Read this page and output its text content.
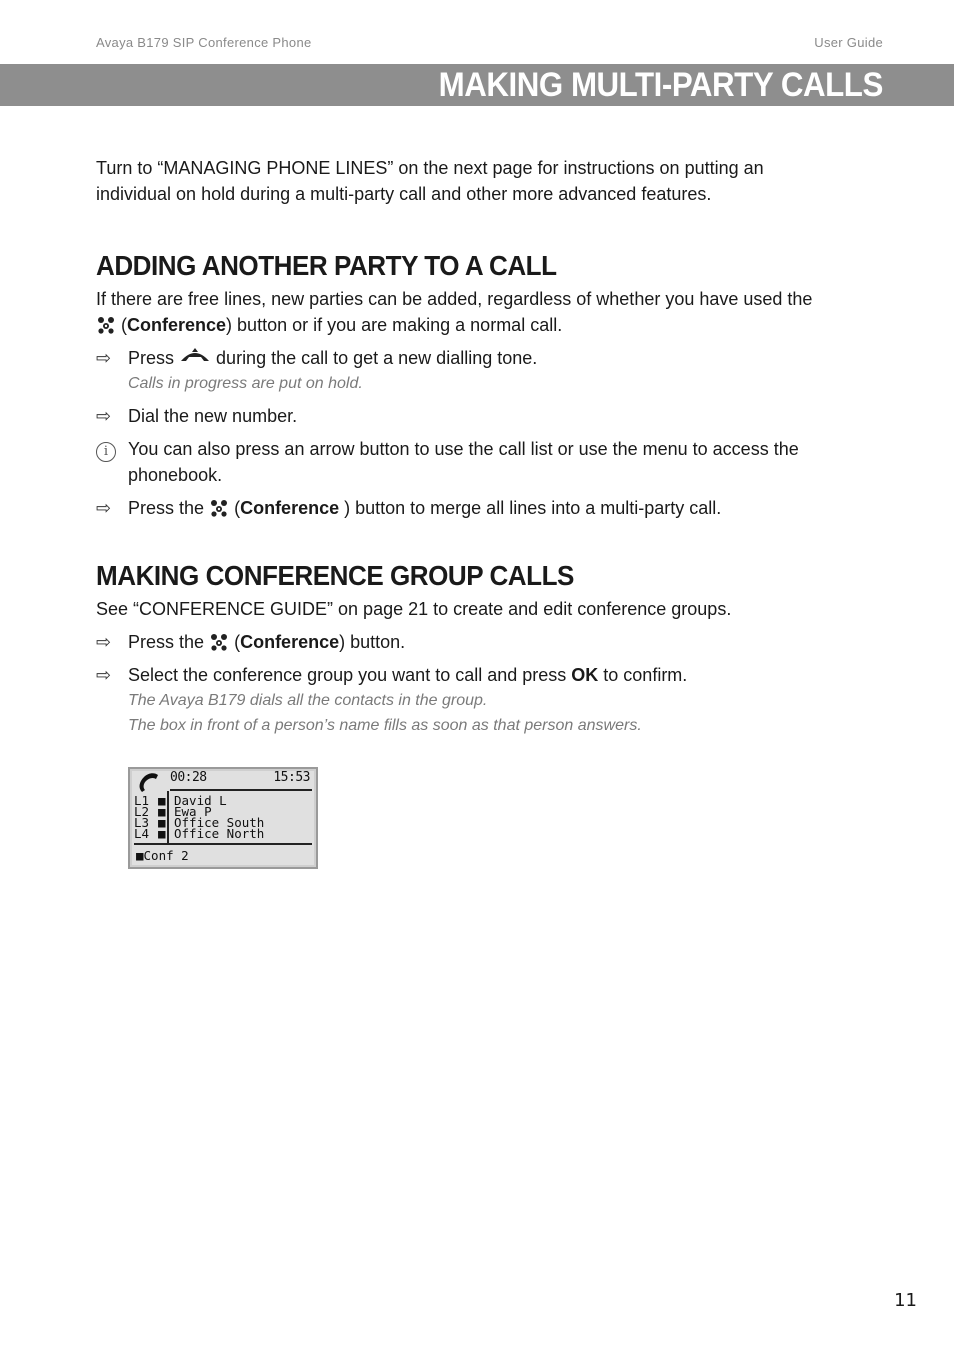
Avaya B179 SIP Conference Phone	User Guide
MAKING MULTI-PARTY CALLS

Turn to “MANAGING PHONE LINES” on the next page for instructions on putting an individual on hold during a multi-party call and other more advanced features.

ADDING ANOTHER PARTY TO A CALL

If there are free lines, new parties can be added, regardless of whether you have used the  (Conference) button or if you are making a normal call.

⇨ Press during the call to get a new dialling tone.
Calls in progress are put on hold.
⇨ Dial the new number.
i	You can also press an arrow button to use the call list or use the menu to access the phonebook.
⇨ Press the (Conference ) button to merge all lines into a multi-party call.
MAKING CONFERENCE GROUP CALLS

See “CONFERENCE GUIDE” on page 21 to create and edit conference groups.

⇨ Press the (Conference) button.
⇨ Select the conference group you want to call and press OK to confirm.
The Avaya B179 dials all the contacts in the group.
The box in front of a person’s name fills as soon as that person answers.
00:28	15:53
L1 ■ David L
L2 ■ Ewa P
L3 ■ Office South
L4 ■ Office North
■Conf 2
11
